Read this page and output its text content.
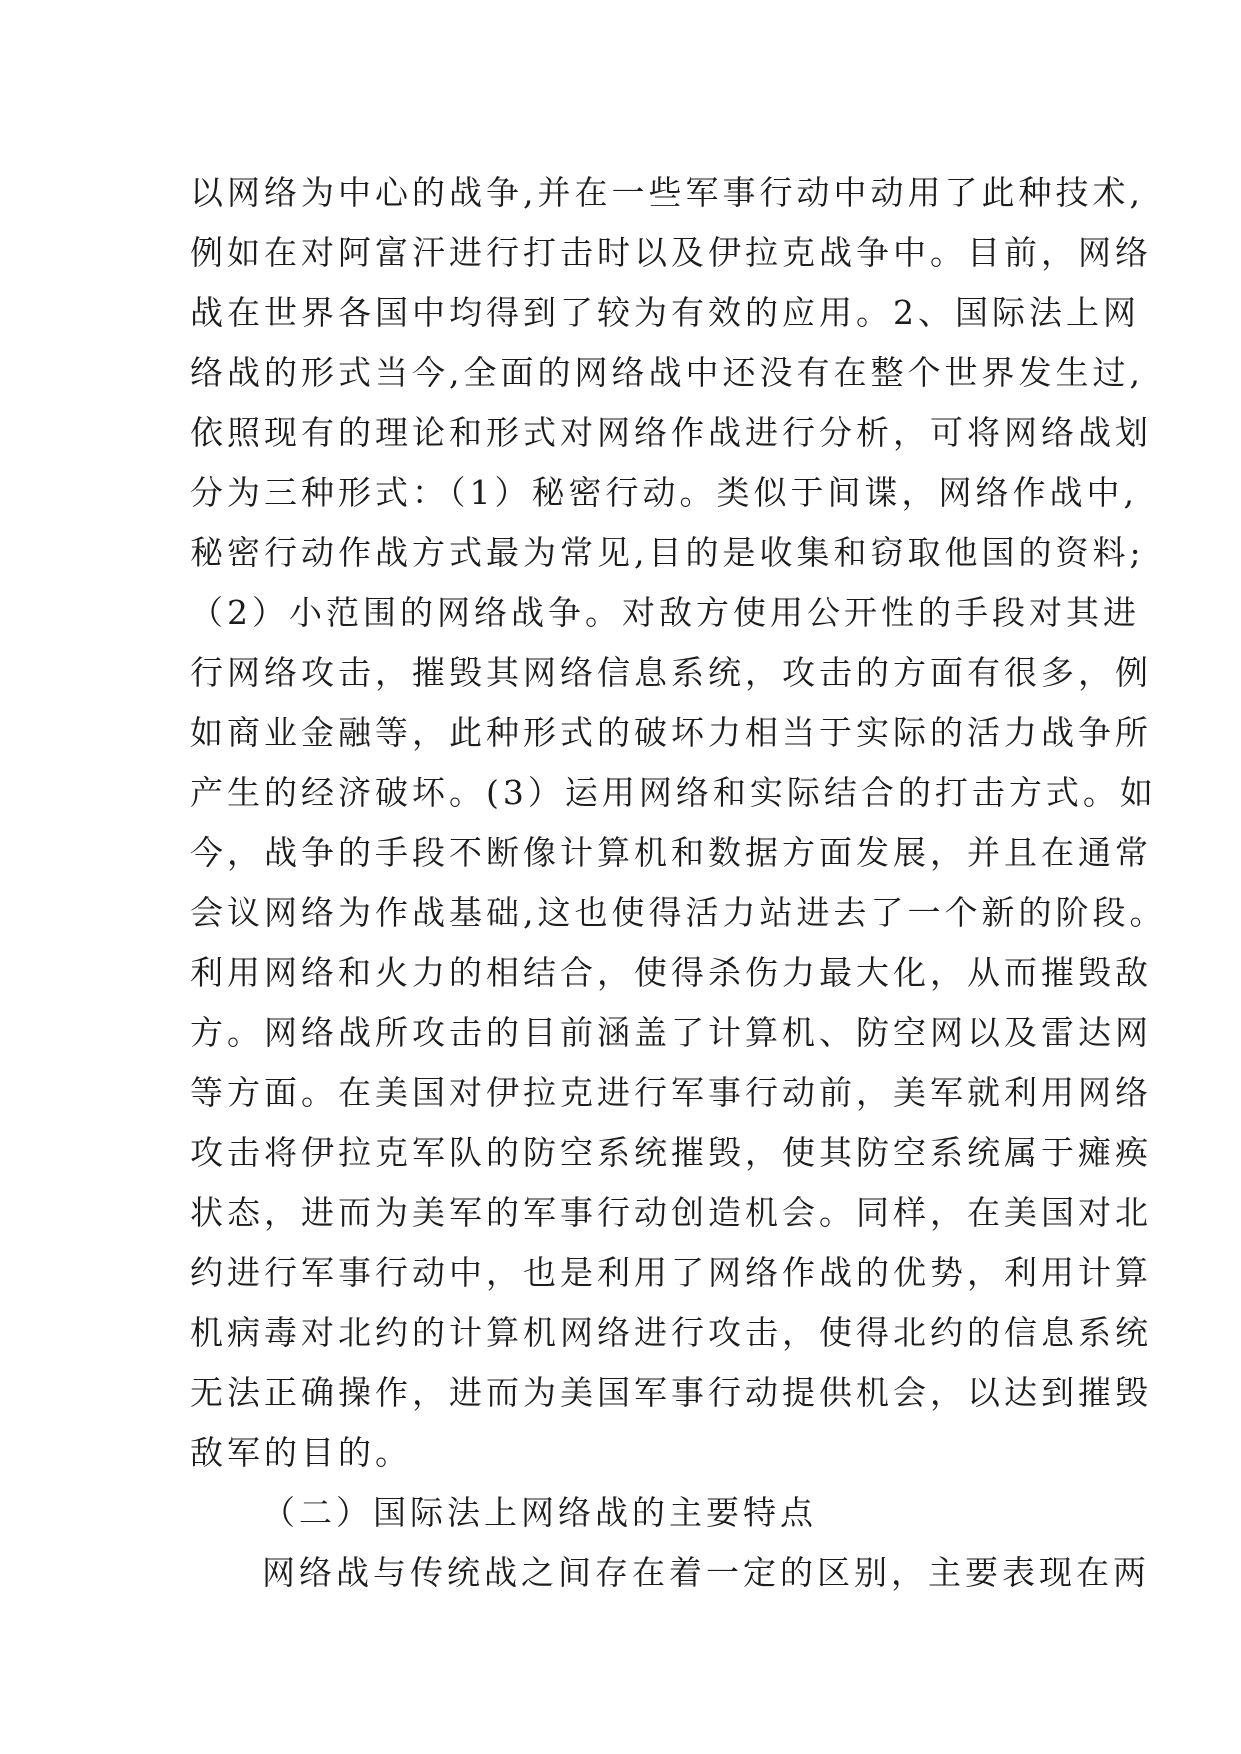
以网络为中心的战争,并在一些军事行动中动用了此种技术,
例如在对阿富汗进行打击时以及伊拉克战争中。目前，网络
战在世界各国中均得到了较为有效的应用。2、国际法上网
络战的形式当今,全面的网络战中还没有在整个世界发生过,
依照现有的理论和形式对网络作战进行分析，可将网络战划
分为三种形式：（1）秘密行动。类似于间谍，网络作战中,
秘密行动作战方式最为常见,目的是收集和窃取他国的资料;
（2）小范围的网络战争。对敌方使用公开性的手段对其进
行网络攻击，摧毁其网络信息系统，攻击的方面有很多，例
如商业金融等，此种形式的破坏力相当于实际的活力战争所
产生的经济破坏。(3）运用网络和实际结合的打击方式。如
今，战争的手段不断像计算机和数据方面发展，并且在通常
会议网络为作战基础,这也使得活力站进去了一个新的阶段。
利用网络和火力的相结合，使得杀伤力最大化，从而摧毁敌
方。网络战所攻击的目前涵盖了计算机、防空网以及雷达网
等方面。在美国对伊拉克进行军事行动前，美军就利用网络
攻击将伊拉克军队的防空系统摧毁，使其防空系统属于瘫痪
状态，进而为美军的军事行动创造机会。同样，在美国对北
约进行军事行动中，也是利用了网络作战的优势，利用计算
机病毒对北约的计算机网络进行攻击，使得北约的信息系统
无法正确操作，进而为美国军事行动提供机会，以达到摧毁
敌军的目的。
（二）国际法上网络战的主要特点
网络战与传统战之间存在着一定的区别，主要表现在两
